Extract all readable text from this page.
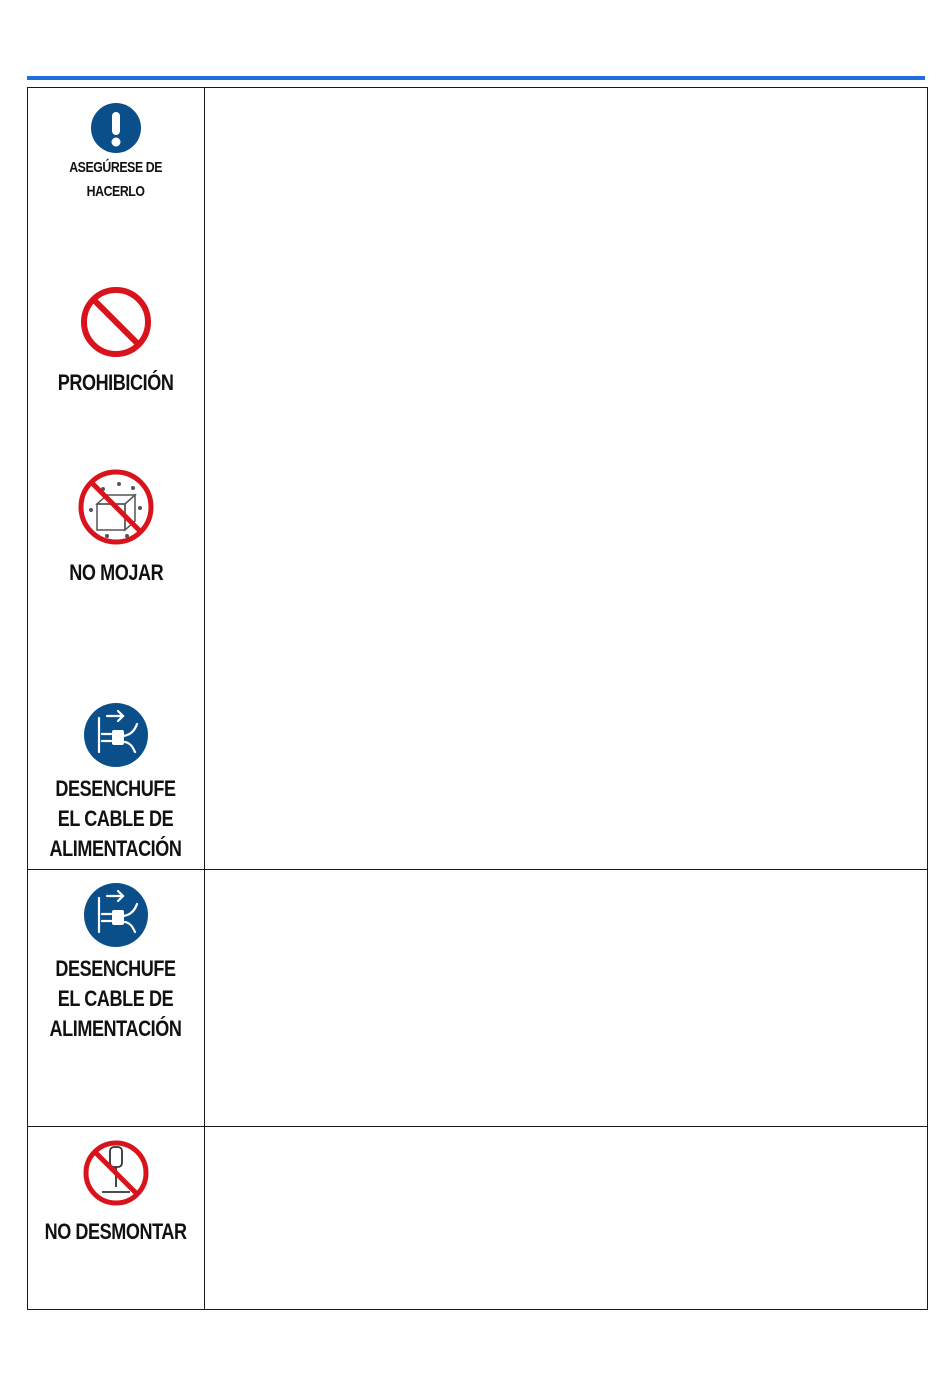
ASEGÚRESE DE
HACERLO
PROHIBICIÓN
NO MOJAR
DESENCHUFE
EL CABLE DE
ALIMENTACIÓN
DESENCHUFE
EL CABLE DE
ALIMENTACIÓN
NO DESMONTAR
